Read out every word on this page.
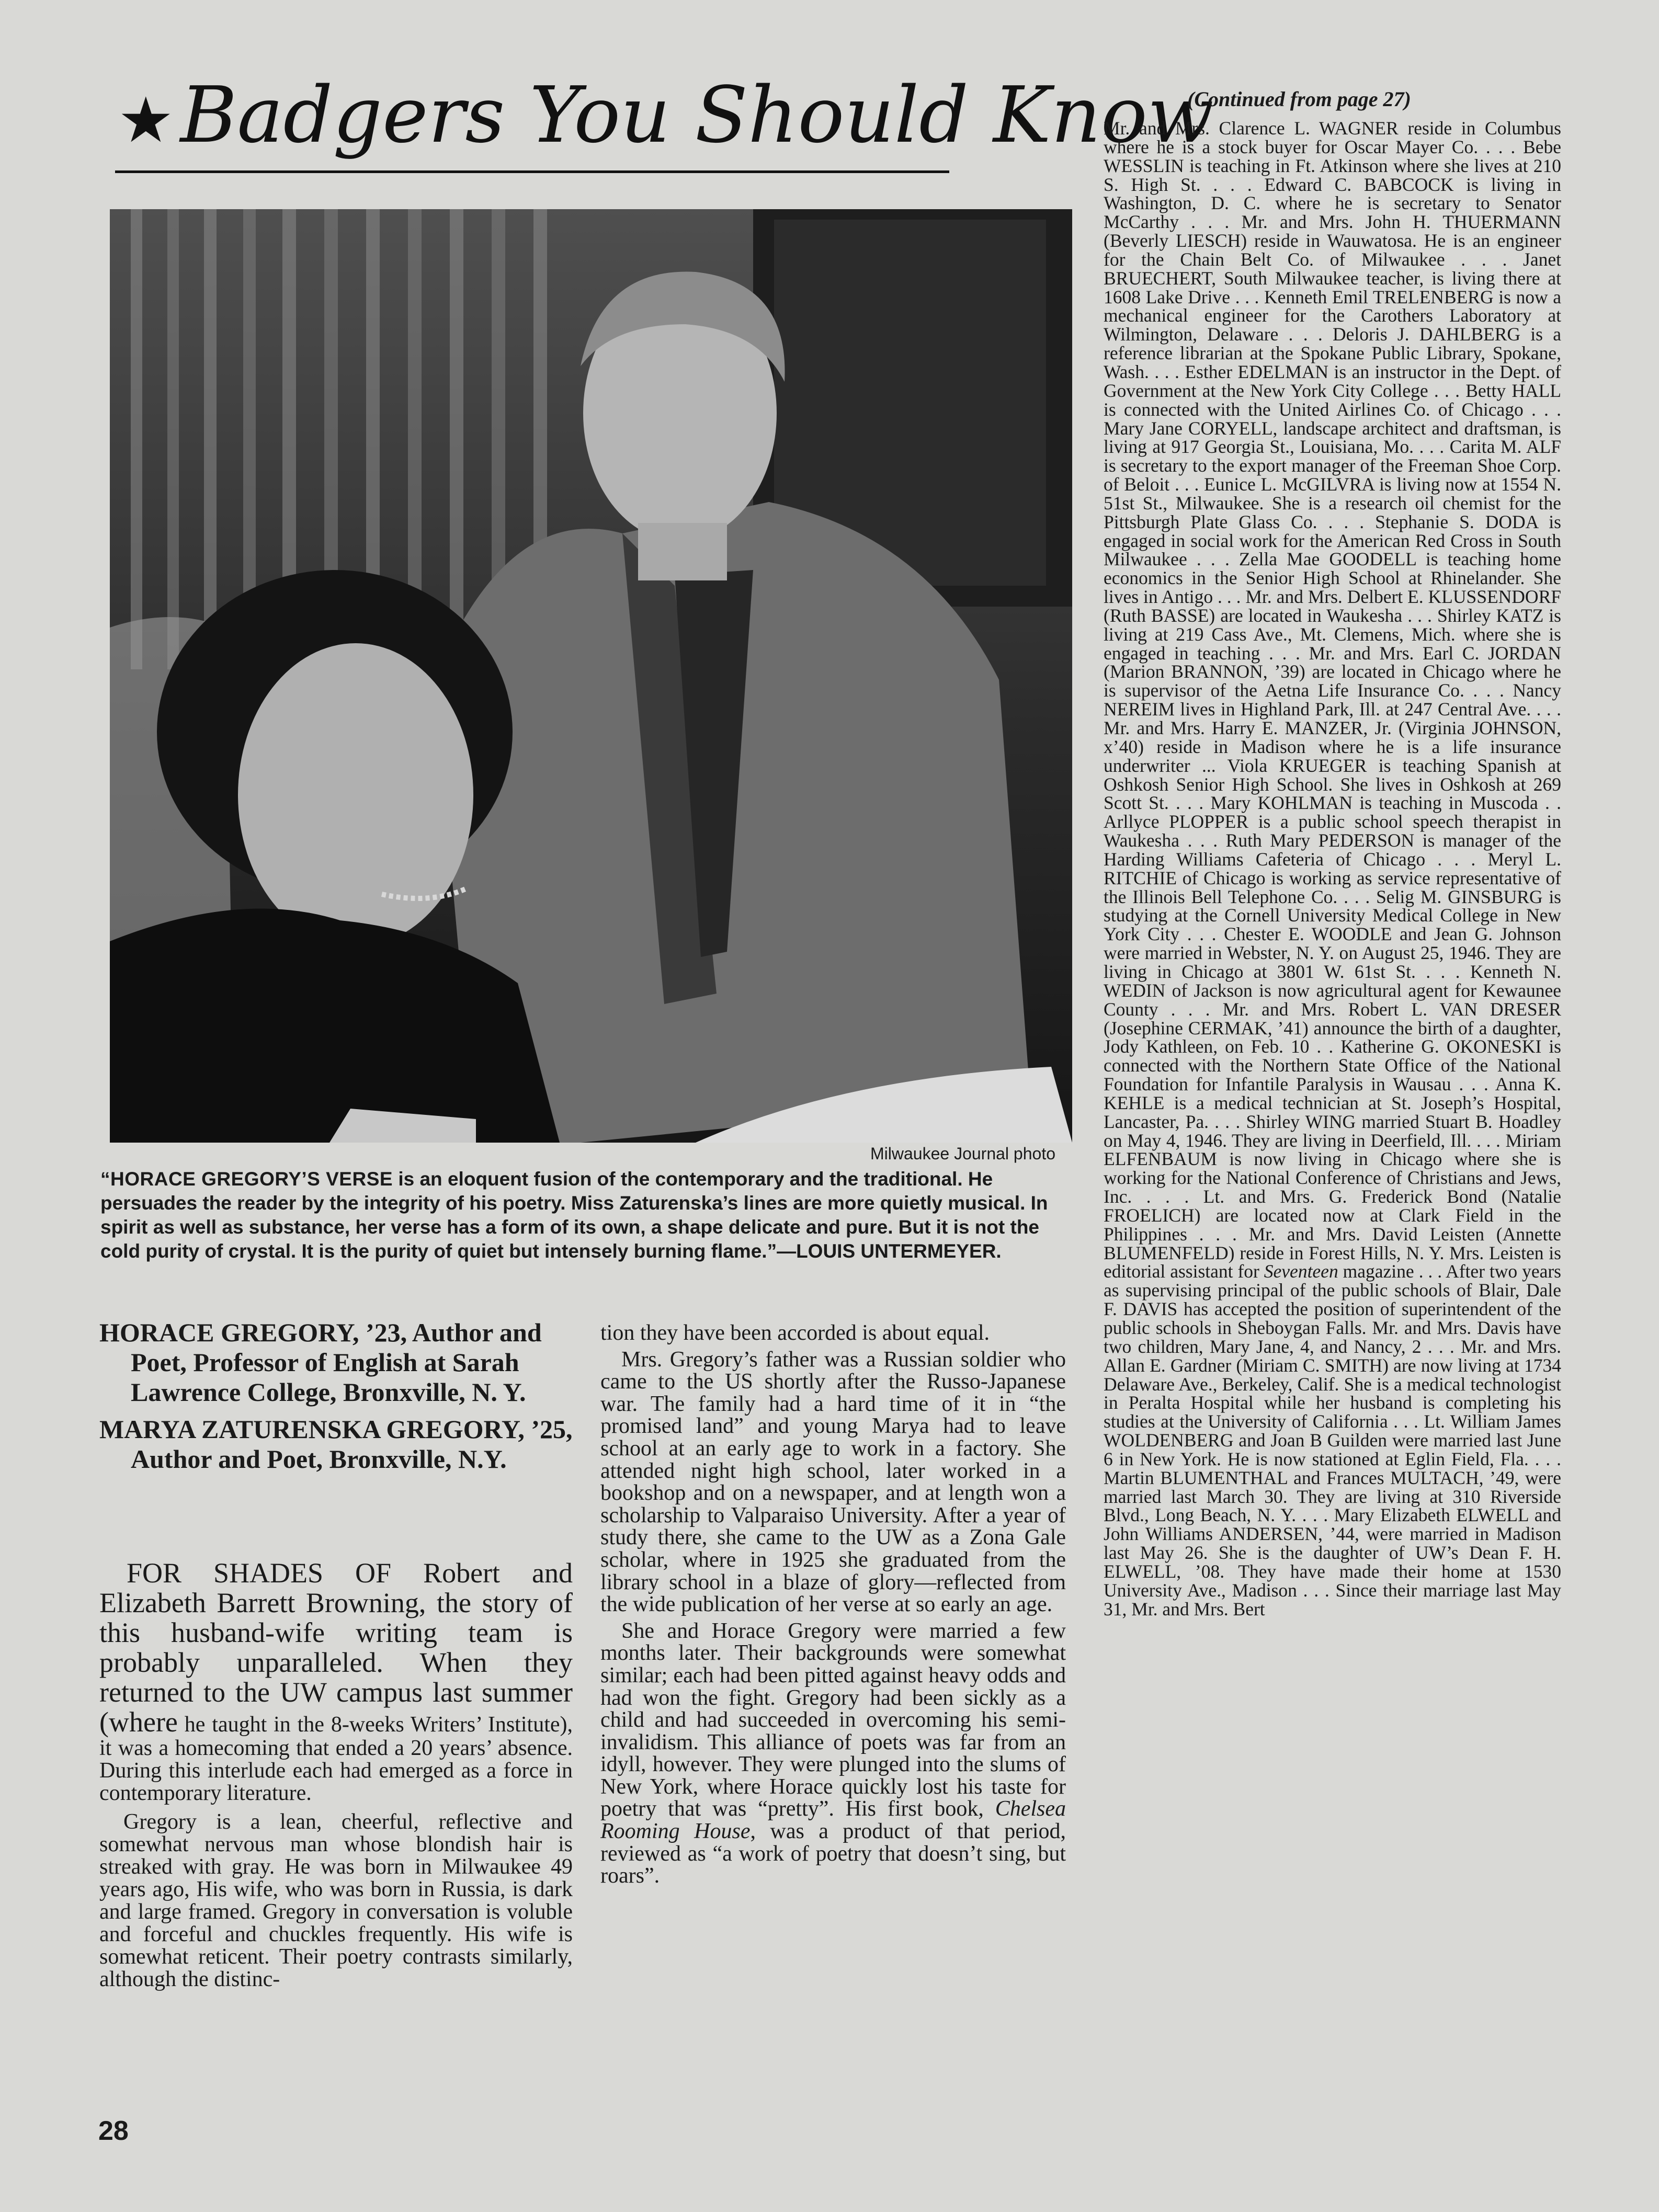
★Badgers You Should Know
Milwaukee Journal photo
“HORACE GREGORY’S VERSE is an eloquent fusion of the contemporary and the traditional. He persuades the reader by the integrity of his poetry. Miss Zaturenska’s lines are more quietly musical. In spirit as well as substance, her verse has a form of its own, a shape delicate and pure. But it is not the cold purity of crystal. It is the purity of quiet but intensely burning flame.”—LOUIS UNTERMEYER.

HORACE GREGORY, ’23, Author and Poet, Professor of English at Sarah Lawrence College, Bronxville, N. Y.

MARYA ZATURENSKA GREGORY, ’25, Author and Poet, Bronxville, N.Y.

FOR SHADES OF Robert and Elizabeth Barrett Browning, the story of this husband-wife writing team is probably unparalleled. When they returned to the UW campus last summer (where he taught in the 8-weeks Writers’ Institute), it was a homecoming that ended a 20 years’ absence. During this interlude each had emerged as a force in contemporary literature.

Gregory is a lean, cheerful, reflective and somewhat nervous man whose blondish hair is streaked with gray. He was born in Milwaukee 49 years ago, His wife, who was born in Russia, is dark and large framed. Gregory in conversation is voluble and forceful and chuckles frequently. His wife is somewhat reticent. Their poetry contrasts similarly, although the distinc-

tion they have been accorded is about equal.

Mrs. Gregory’s father was a Russian soldier who came to the US shortly after the Russo-Japanese war. The family had a hard time of it in “the promised land” and young Marya had to leave school at an early age to work in a factory. She attended night high school, later worked in a bookshop and on a newspaper, and at length won a scholarship to Valparaiso University. After a year of study there, she came to the UW as a Zona Gale scholar, where in 1925 she graduated from the library school in a blaze of glory—reflected from the wide publication of her verse at so early an age.

She and Horace Gregory were married a few months later. Their backgrounds were somewhat similar; each had been pitted against heavy odds and had won the fight. Gregory had been sickly as a child and had succeeded in overcoming his semi-invalidism. This alliance of poets was far from an idyll, however. They were plunged into the slums of New York, where Horace quickly lost his taste for poetry that was “pretty”. His first book, Chelsea Rooming House, was a product of that period, reviewed as “a work of poetry that doesn’t sing, but roars”.

(Continued from page 27)
Mr. and Mrs. Clarence L. WAGNER reside in Columbus where he is a stock buyer for Oscar Mayer Co. . . . Bebe WESSLIN is teaching in Ft. Atkinson where she lives at 210 S. High St. . . . Edward C. BABCOCK is living in Washington, D. C. where he is secretary to Senator McCarthy . . . Mr. and Mrs. John H. THUERMANN (Beverly LIESCH) reside in Wauwatosa. He is an engineer for the Chain Belt Co. of Milwaukee . . . Janet BRUECHERT, South Milwaukee teacher, is living there at 1608 Lake Drive . . . Kenneth Emil TRELENBERG is now a mechanical engineer for the Carothers Laboratory at Wilmington, Delaware . . . Deloris J. DAHLBERG is a reference librarian at the Spokane Public Library, Spokane, Wash. . . . Esther EDELMAN is an instructor in the Dept. of Government at the New York City College . . . Betty HALL is connected with the United Airlines Co. of Chicago . . . Mary Jane CORYELL, landscape architect and draftsman, is living at 917 Georgia St., Louisiana, Mo. . . . Carita M. ALF is secretary to the export manager of the Freeman Shoe Corp. of Beloit . . . Eunice L. McGILVRA is living now at 1554 N. 51st St., Milwaukee. She is a research oil chemist for the Pittsburgh Plate Glass Co. . . . Stephanie S. DODA is engaged in social work for the American Red Cross in South Milwaukee . . . Zella Mae GOODELL is teaching home economics in the Senior High School at Rhinelander. She lives in Antigo . . . Mr. and Mrs. Delbert E. KLUSSENDORF (Ruth BASSE) are located in Waukesha . . . Shirley KATZ is living at 219 Cass Ave., Mt. Clemens, Mich. where she is engaged in teaching . . . Mr. and Mrs. Earl C. JORDAN (Marion BRANNON, ’39) are located in Chicago where he is supervisor of the Aetna Life Insurance Co. . . . Nancy NEREIM lives in Highland Park, Ill. at 247 Central Ave. . . . Mr. and Mrs. Harry E. MANZER, Jr. (Virginia JOHNSON, x’40) reside in Madison where he is a life insurance underwriter ... Viola KRUEGER is teaching Spanish at Oshkosh Senior High School. She lives in Oshkosh at 269 Scott St. . . . Mary KOHLMAN is teaching in Muscoda . . Arllyce PLOPPER is a public school speech therapist in Waukesha . . . Ruth Mary PEDERSON is manager of the Harding Williams Cafeteria of Chicago . . . Meryl L. RITCHIE of Chicago is working as service representative of the Illinois Bell Telephone Co. . . . Selig M. GINSBURG is studying at the Cornell University Medical College in New York City . . . Chester E. WOODLE and Jean G. Johnson were married in Webster, N. Y. on August 25, 1946. They are living in Chicago at 3801 W. 61st St. . . . Kenneth N. WEDIN of Jackson is now agricultural agent for Kewaunee County . . . Mr. and Mrs. Robert L. VAN DRESER (Josephine CERMAK, ’41) announce the birth of a daughter, Jody Kathleen, on Feb. 10 . . Katherine G. OKONESKI is connected with the Northern State Office of the National Foundation for Infantile Paralysis in Wausau . . . Anna K. KEHLE is a medical technician at St. Joseph’s Hospital, Lancaster, Pa. . . . Shirley WING married Stuart B. Hoadley on May 4, 1946. They are living in Deerfield, Ill. . . . Miriam ELFENBAUM is now living in Chicago where she is working for the National Conference of Christians and Jews, Inc. . . . Lt. and Mrs. G. Frederick Bond (Natalie FROELICH) are located now at Clark Field in the Philippines . . . Mr. and Mrs. David Leisten (Annette BLUMENFELD) reside in Forest Hills, N. Y. Mrs. Leisten is editorial assistant for Seventeen magazine . . . After two years as supervising principal of the public schools of Blair, Dale F. DAVIS has accepted the position of superintendent of the public schools in Sheboygan Falls. Mr. and Mrs. Davis have two children, Mary Jane, 4, and Nancy, 2 . . . Mr. and Mrs. Allan E. Gardner (Miriam C. SMITH) are now living at 1734 Delaware Ave., Berkeley, Calif. She is a medical technologist in Peralta Hospital while her husband is completing his studies at the University of California . . . Lt. William James WOLDENBERG and Joan B Guilden were married last June 6 in New York. He is now stationed at Eglin Field, Fla. . . . Martin BLUMENTHAL and Frances MULTACH, ’49, were married last March 30. They are living at 310 Riverside Blvd., Long Beach, N. Y. . . . Mary Elizabeth ELWELL and John Williams ANDERSEN, ’44, were married in Madison last May 26. She is the daughter of UW’s Dean F. H. ELWELL, ’08. They have made their home at 1530 University Ave., Madison . . . Since their marriage last May 31, Mr. and Mrs. Bert
28
